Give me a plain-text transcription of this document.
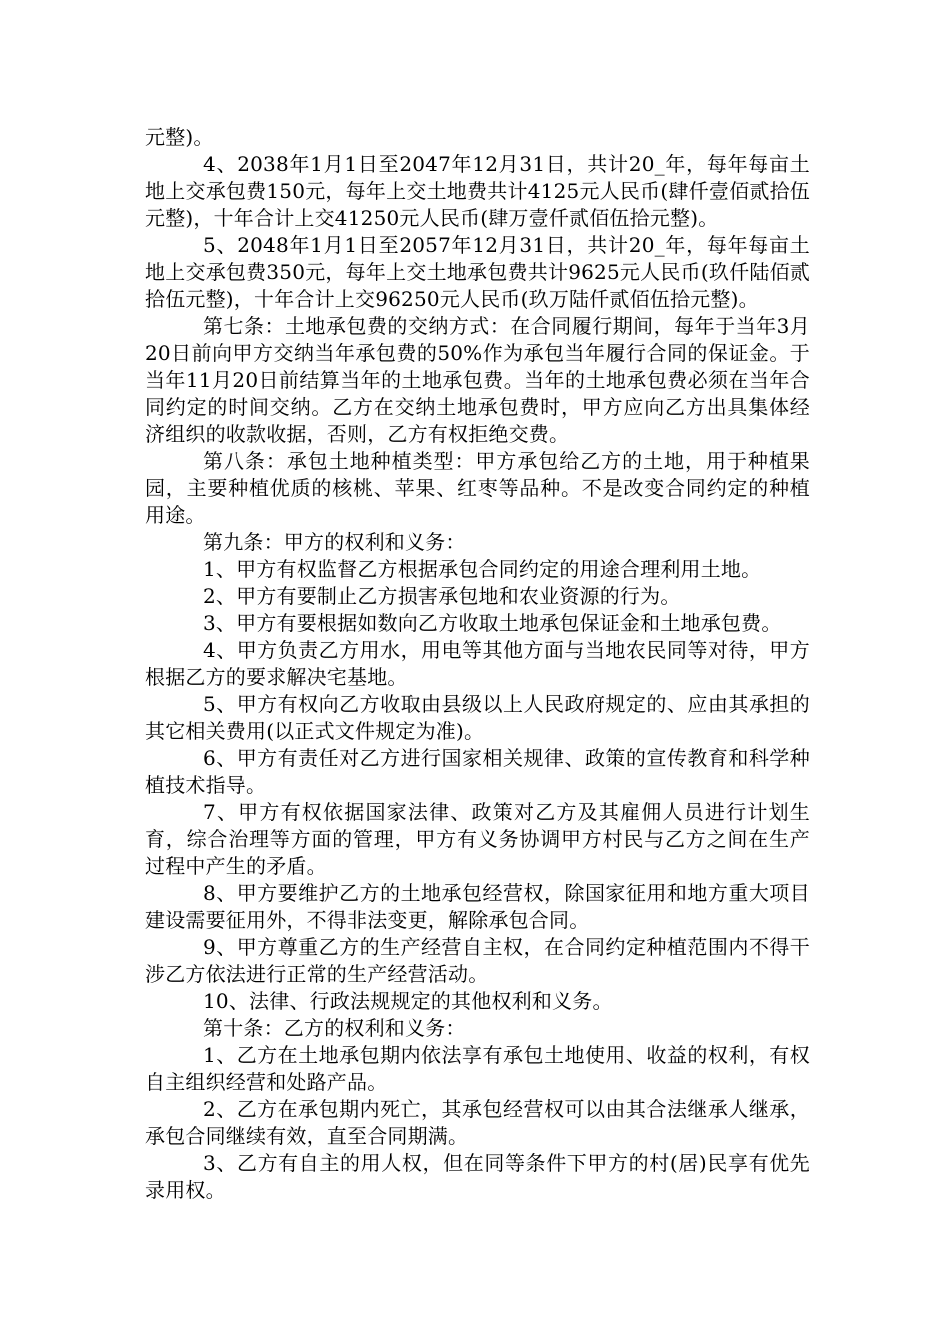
元整)。

4、2038年1月1日至2047年12月31日，共计20_年，每年每亩土地上交承包费150元，每年上交土地费共计4125元人民币(肆仟壹佰贰拾伍元整)，十年合计上交41250元人民币(肆万壹仟贰佰伍拾元整)。

5、2048年1月1日至2057年12月31日，共计20_年，每年每亩土地上交承包费350元，每年上交土地承包费共计9625元人民币(玖仟陆佰贰拾伍元整)，十年合计上交96250元人民币(玖万陆仟贰佰伍拾元整)。

第七条：土地承包费的交纳方式：在合同履行期间，每年于当年3月20日前向甲方交纳当年承包费的50%作为承包当年履行合同的保证金。于当年11月20日前结算当年的土地承包费。当年的土地承包费必须在当年合同约定的时间交纳。乙方在交纳土地承包费时，甲方应向乙方出具集体经济组织的收款收据，否则，乙方有权拒绝交费。

第八条：承包土地种植类型：甲方承包给乙方的土地，用于种植果园，主要种植优质的核桃、苹果、红枣等品种。不是改变合同约定的种植用途。

第九条：甲方的权利和义务：

1、甲方有权监督乙方根据承包合同约定的用途合理利用土地。

2、甲方有要制止乙方损害承包地和农业资源的行为。

3、甲方有要根据如数向乙方收取土地承包保证金和土地承包费。

4、甲方负责乙方用水，用电等其他方面与当地农民同等对待，甲方根据乙方的要求解决宅基地。

5、甲方有权向乙方收取由县级以上人民政府规定的、应由其承担的其它相关费用(以正式文件规定为准)。

6、甲方有责任对乙方进行国家相关规律、政策的宣传教育和科学种植技术指导。

7、甲方有权依据国家法律、政策对乙方及其雇佣人员进行计划生育，综合治理等方面的管理，甲方有义务协调甲方村民与乙方之间在生产过程中产生的矛盾。

8、甲方要维护乙方的土地承包经营权，除国家征用和地方重大项目建设需要征用外，不得非法变更，解除承包合同。

9、甲方尊重乙方的生产经营自主权，在合同约定种植范围内不得干涉乙方依法进行正常的生产经营活动。

10、法律、行政法规规定的其他权利和义务。

第十条：乙方的权利和义务：

1、乙方在土地承包期内依法享有承包土地使用、收益的权利，有权自主组织经营和处路产品。

2、乙方在承包期内死亡，其承包经营权可以由其合法继承人继承，承包合同继续有效，直至合同期满。

3、乙方有自主的用人权，但在同等条件下甲方的村(居)民享有优先录用权。
